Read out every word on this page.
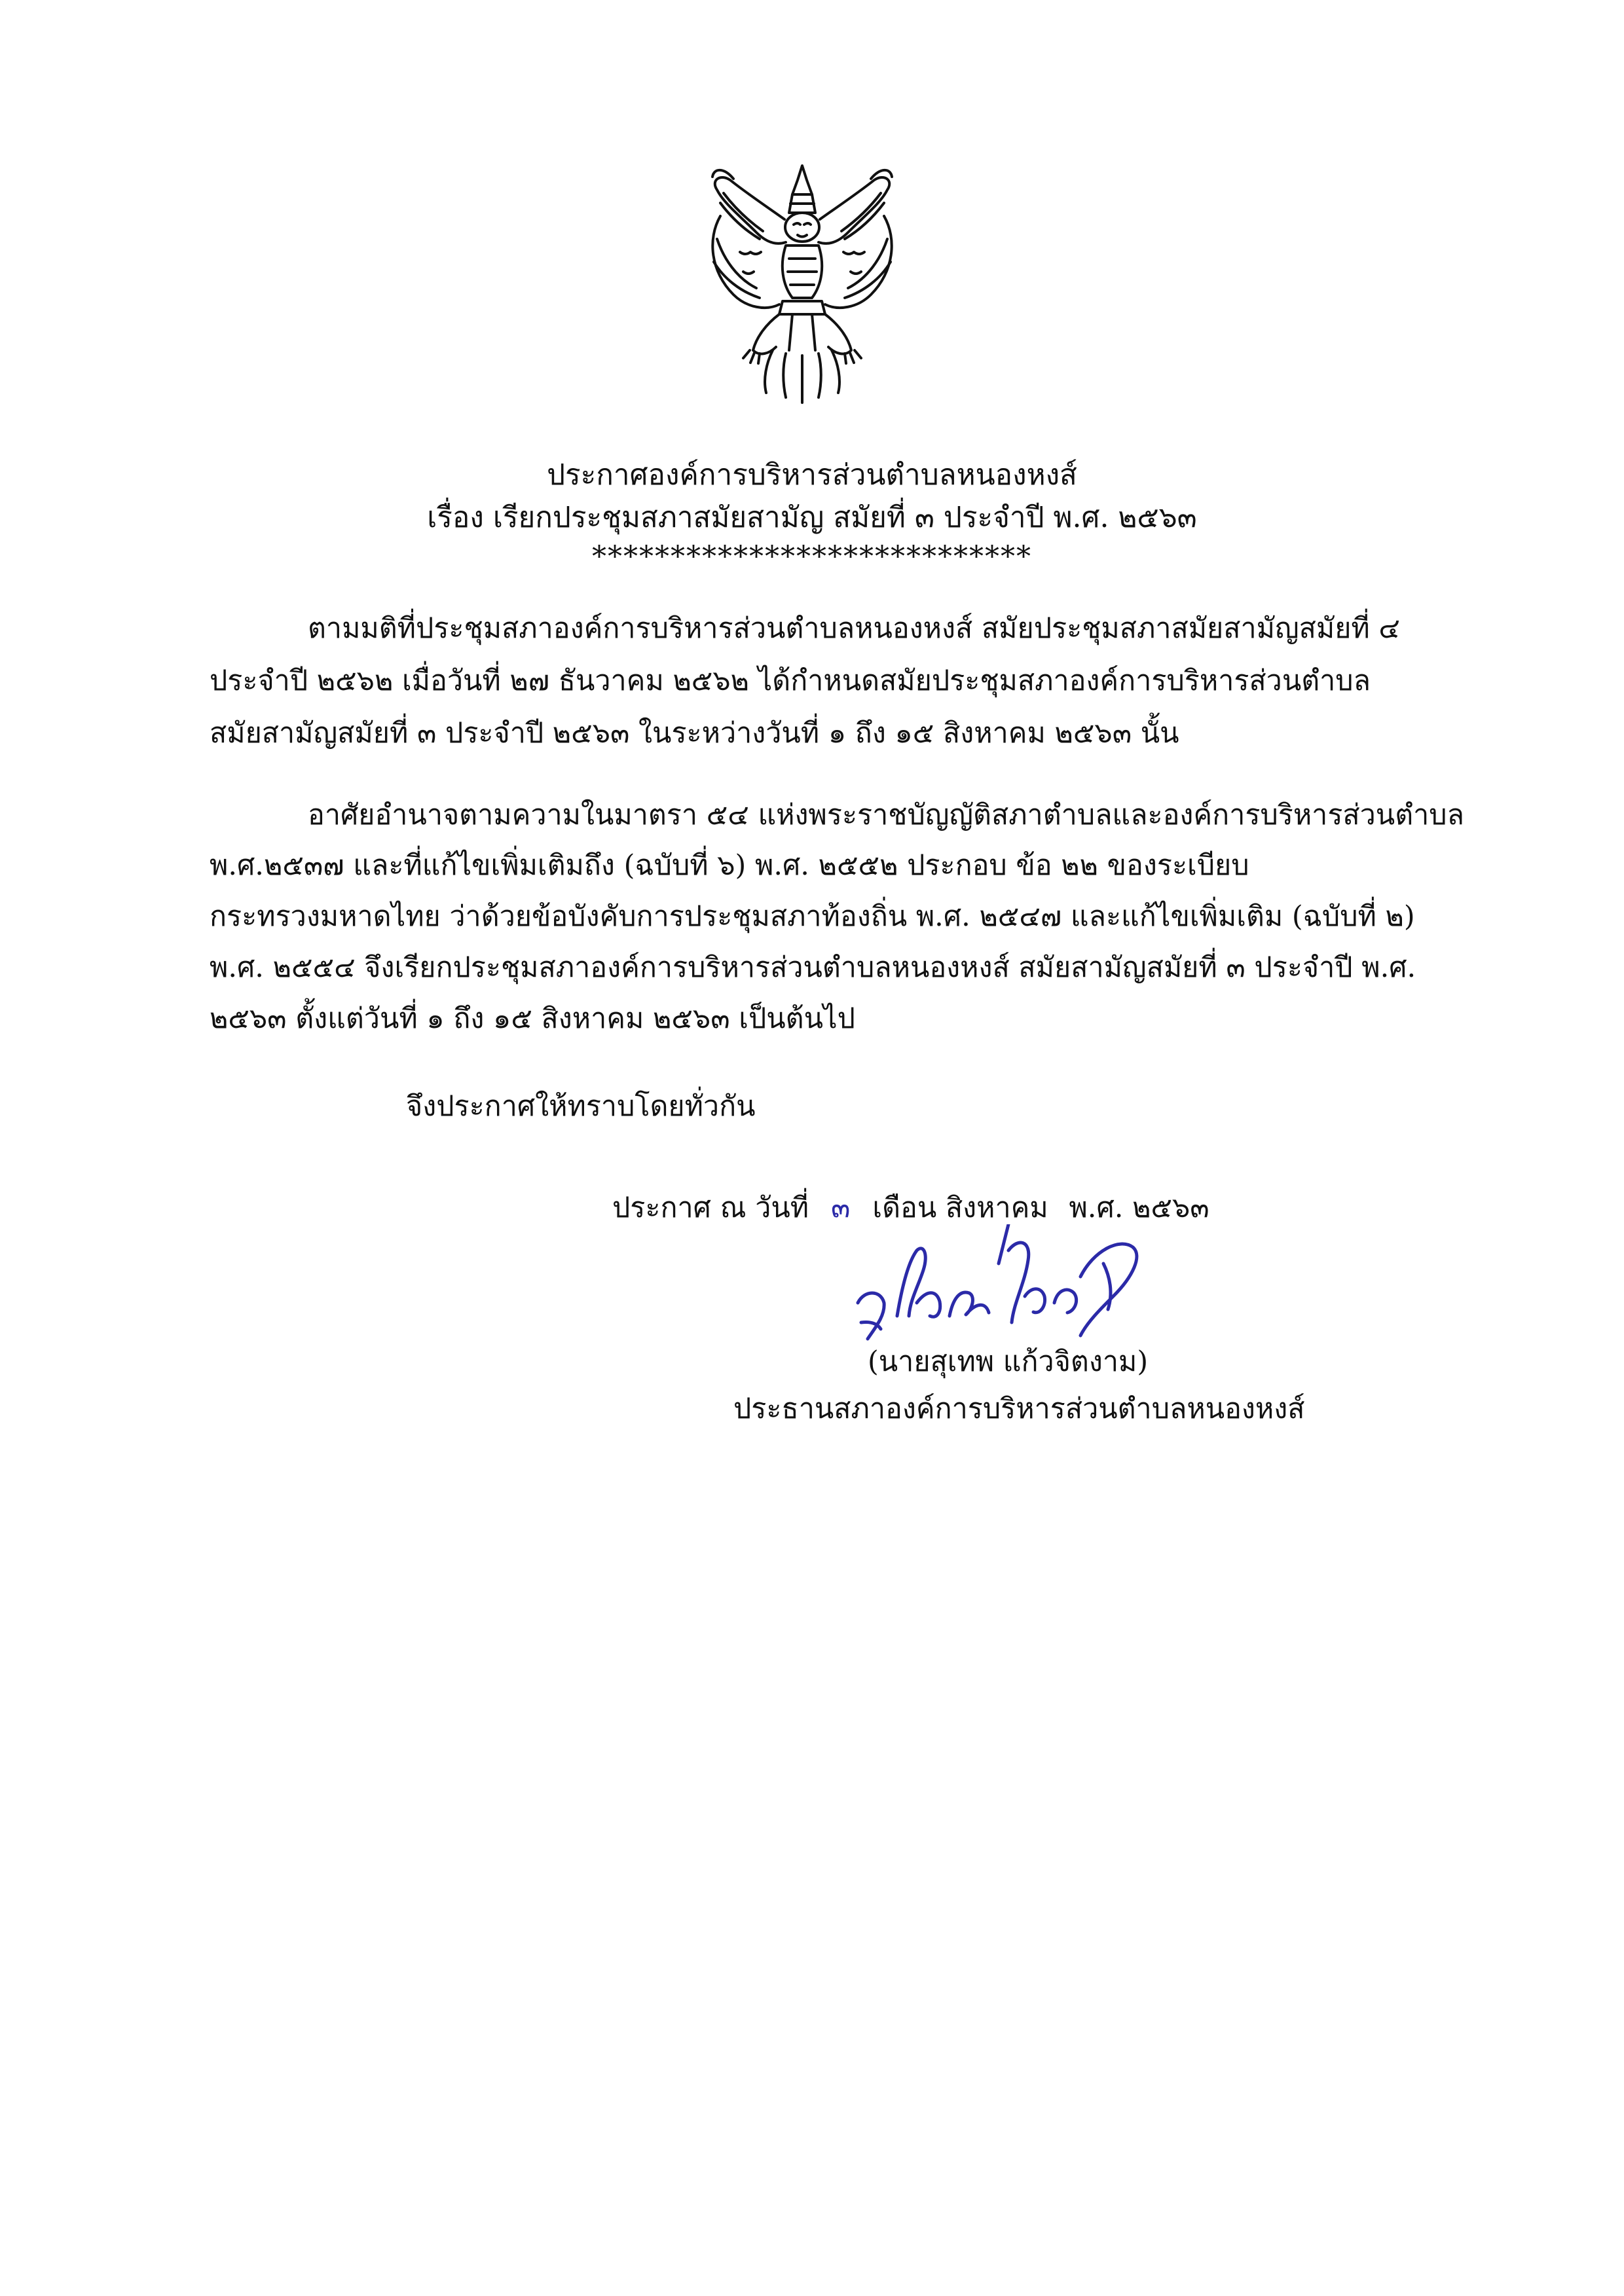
ประกาศองค์การบริหารส่วนตำบลหนองหงส์
เรื่อง เรียกประชุมสภาสมัยสามัญ สมัยที่ ๓ ประจำปี พ.ศ. ๒๕๖๓
****************************
ตามมติที่ประชุมสภาองค์การบริหารส่วนตำบลหนองหงส์ สมัยประชุมสภาสมัยสามัญสมัยที่ ๔
ประจำปี ๒๕๖๒ เมื่อวันที่ ๒๗ ธันวาคม ๒๕๖๒ ได้กำหนดสมัยประชุมสภาองค์การบริหารส่วนตำบล
สมัยสามัญสมัยที่ ๓ ประจำปี ๒๕๖๓ ในระหว่างวันที่ ๑ ถึง ๑๕ สิงหาคม ๒๕๖๓ นั้น
อาศัยอำนาจตามความในมาตรา ๕๔ แห่งพระราชบัญญัติสภาตำบลและองค์การบริหารส่วนตำบล
พ.ศ.๒๕๓๗ และที่แก้ไขเพิ่มเติมถึง (ฉบับที่ ๖) พ.ศ. ๒๕๕๒ ประกอบ ข้อ ๒๒ ของระเบียบ
กระทรวงมหาดไทย ว่าด้วยข้อบังคับการประชุมสภาท้องถิ่น พ.ศ. ๒๕๔๗ และแก้ไขเพิ่มเติม (ฉบับที่ ๒)
พ.ศ. ๒๕๕๔ จึงเรียกประชุมสภาองค์การบริหารส่วนตำบลหนองหงส์ สมัยสามัญสมัยที่ ๓ ประจำปี พ.ศ.
๒๕๖๓ ตั้งแต่วันที่ ๑ ถึง ๑๕ สิงหาคม ๒๕๖๓ เป็นต้นไป
จึงประกาศให้ทราบโดยทั่วกัน
ประกาศ ณ วันที่ ๓ เดือน สิงหาคม พ.ศ. ๒๕๖๓
(นายสุเทพ แก้วจิตงาม)
ประธานสภาองค์การบริหารส่วนตำบลหนองหงส์
